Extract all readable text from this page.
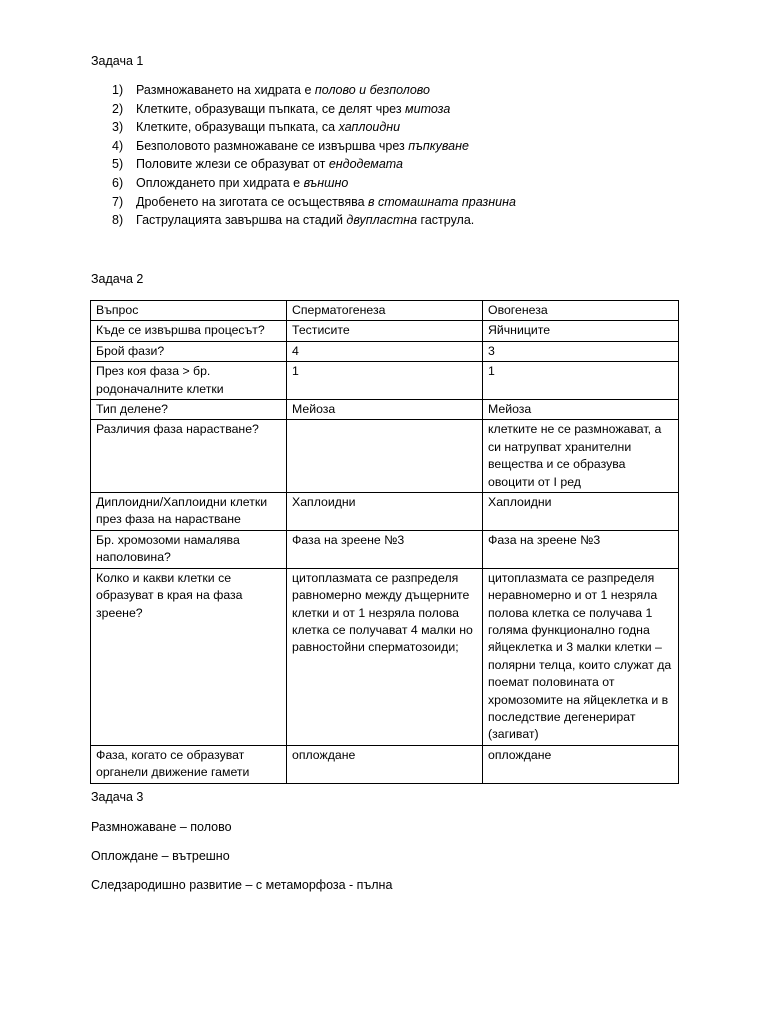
Задача 1
1) Размножаването на хидрата е полово и безполово
2) Клетките, образуващи пъпката, се делят чрез митоза
3) Клетките, образуващи пъпката, са хаплоидни
4) Безполовото размножаване се извършва чрез пъпкуване
5) Половите жлези се образуват от ендодемата
6) Оплождането при хидрата е външно
7) Дробенето на зиготата се осъществява в стомашната празнина
8) Гаструлацията завършва на стадий двупластна гаструла.
Задача 2
Въпрос	Сперматогенеза	Овогенеза
Къде се извършва процесът?	Тестисите	Яйчниците
Брой фази?	4	3
През коя фаза > бр. родоначалните клетки	1	1
Тип делене?	Мейоза	Мейоза
Различия фаза нарастване?		клетките не се размножават, а си натрупват хранителни вещества и се образува овоцити от I ред
Диплоидни/Хаплоидни клетки през фаза на нарастване	Хаплоидни	Хаплоидни
Бр. хромозоми намалява наполовина?	Фаза на зреене №3	Фаза на зреене №3
Колко и какви клетки се образуват в края на фаза зреене?	цитоплазмата се разпределя равномерно между дъщерните клетки и от 1 незряла полова клетка се получават 4 малки но равностойни сперматозоиди;	цитоплазмата се разпределя неравномерно и от 1 незряла полова клетка се получава 1 голяма функционално годна яйцеклетка и 3 малки клетки – полярни телца, които служат да поемат половината от хромозомите на яйцеклетка и в последствие дегенерират (загиват)
Фаза, когато се образуват органели движение гамети	оплождане	оплождане
Задача 3
Размножаване – полово
Оплождане – вътрешно
Следзародишно развитие – с метаморфоза - пълна
